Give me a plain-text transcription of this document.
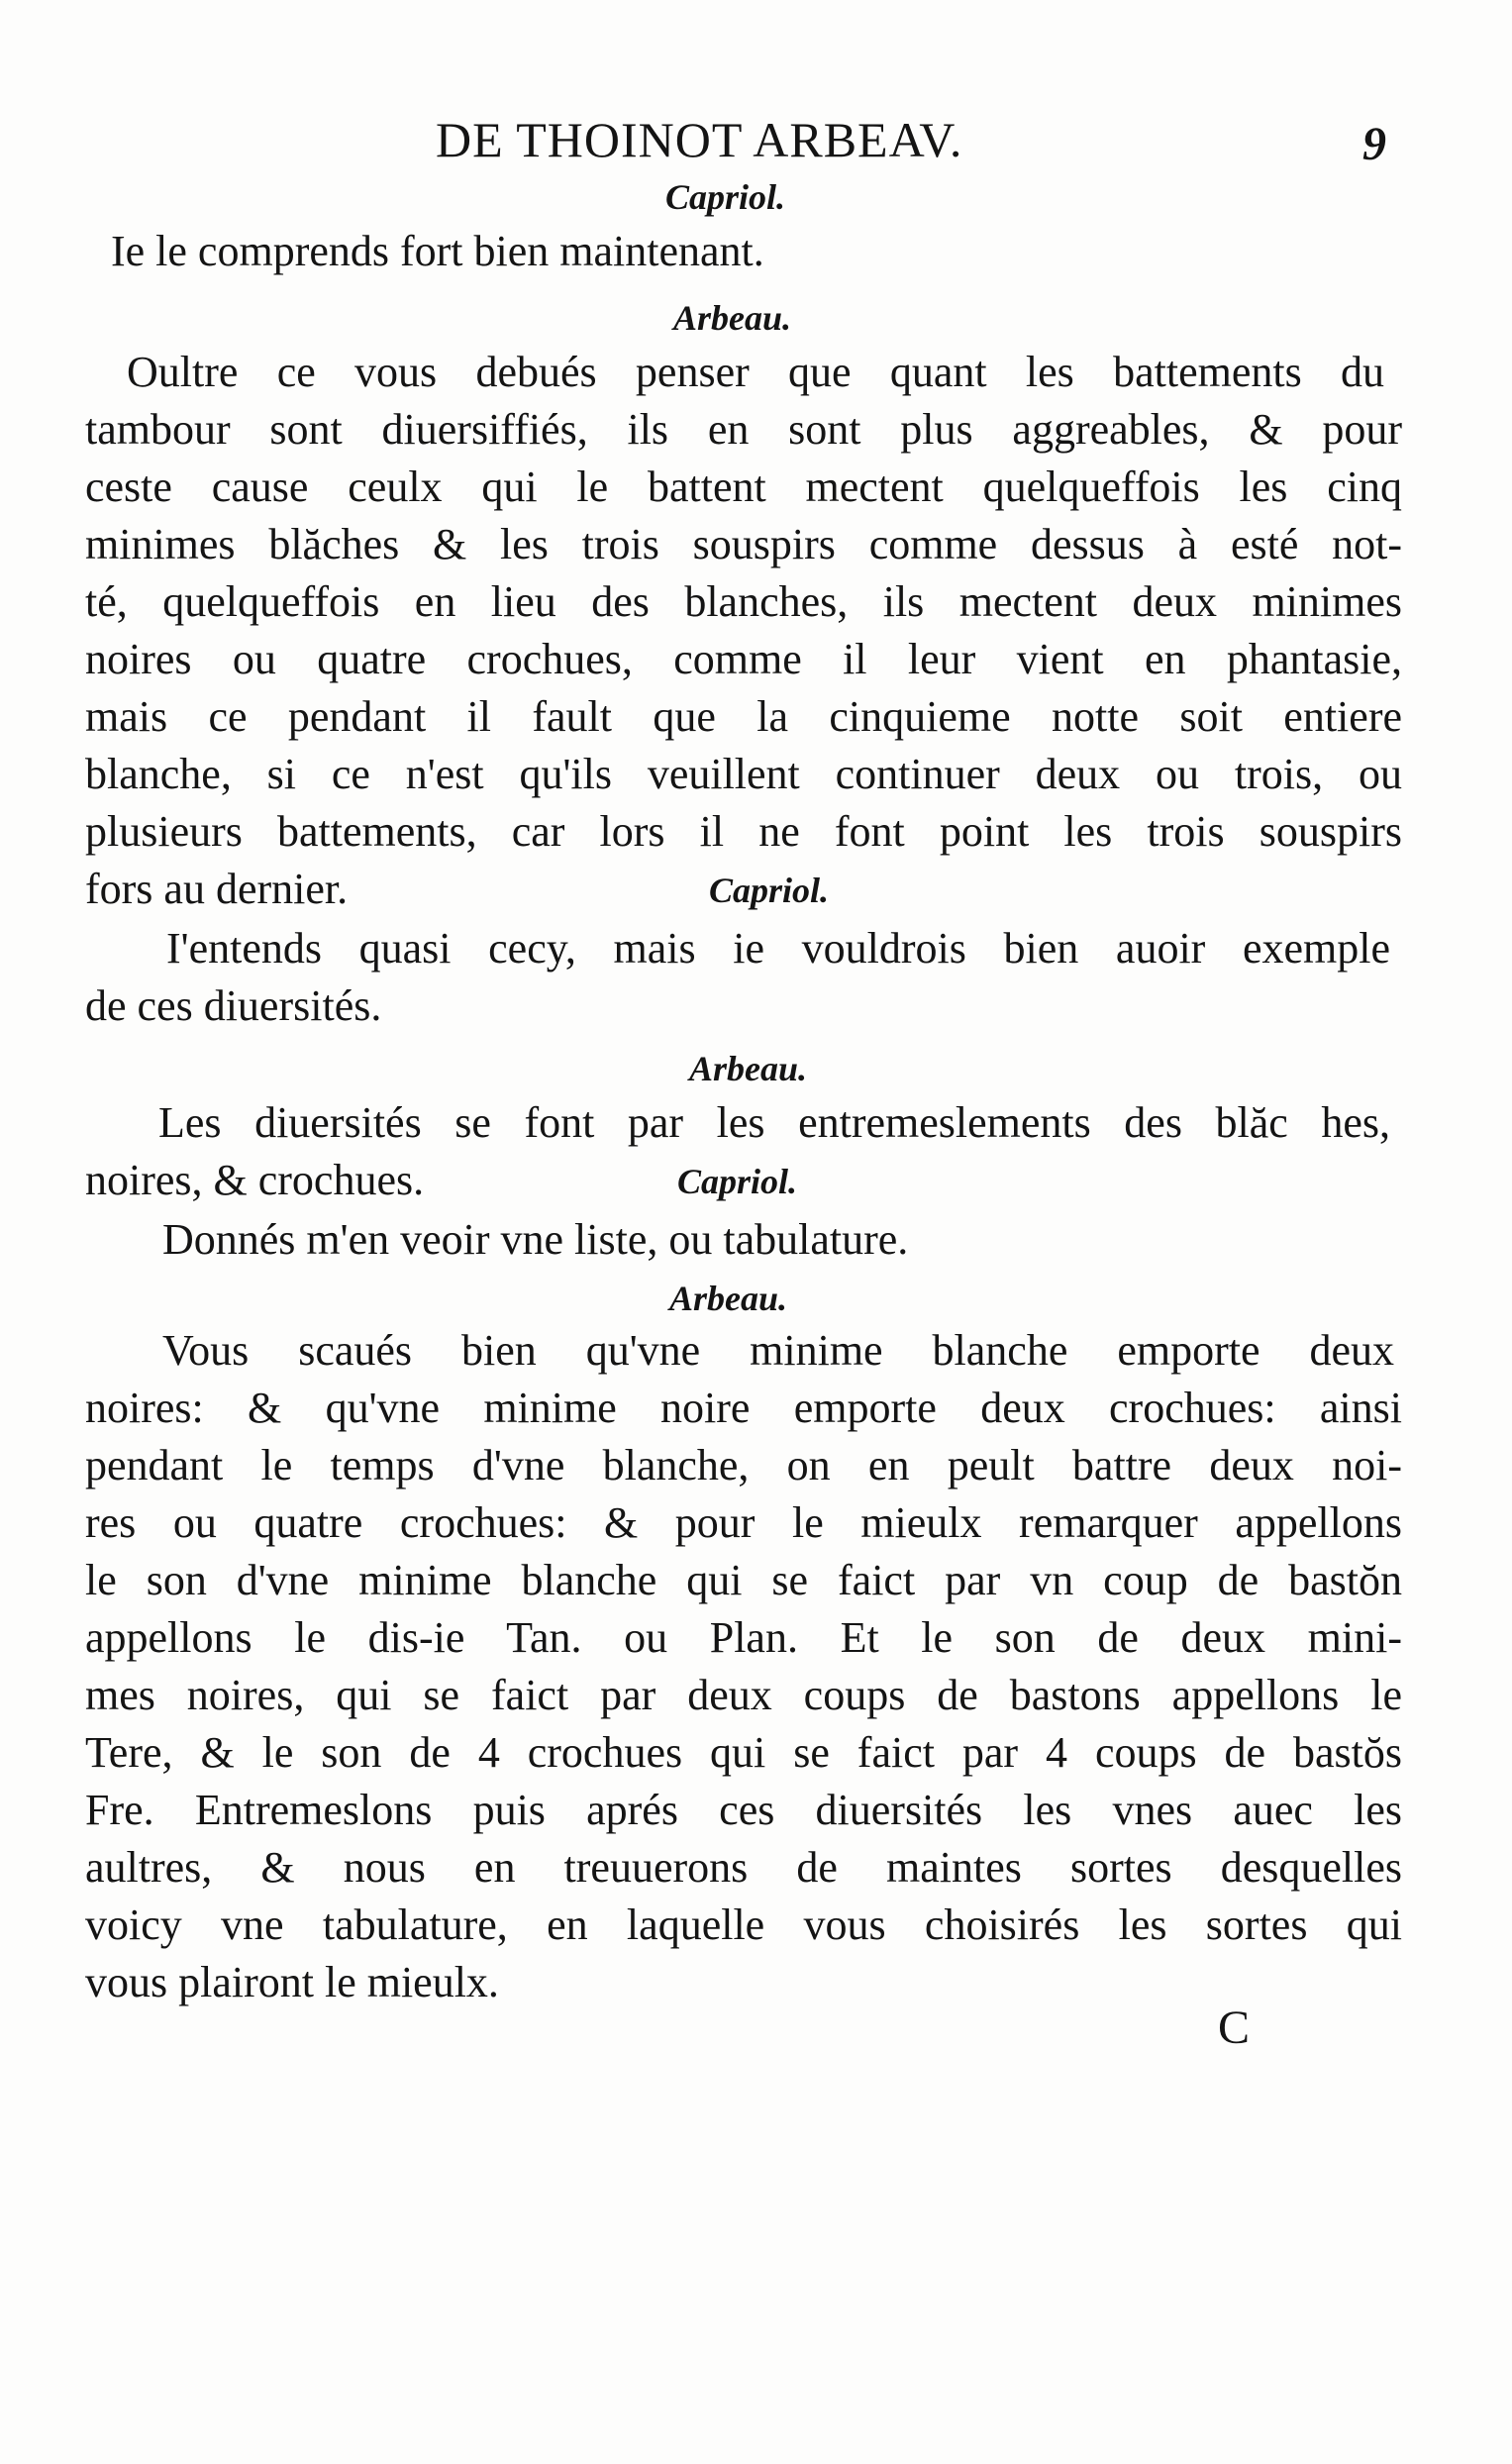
DE THOINOT ARBEAV.	9
Capriol.
Ie le comprends fort bien maintenant.
Arbeau.
Oultre ce vous debués penser que quant les battements du
tambour sont diuersiffiés, ils en sont plus aggreables, & pour
ceste cause ceulx qui le battent mectent quelqueffois les cinq
minimes blăches & les trois souspirs comme dessus à esté not-
té, quelqueffois en lieu des blanches, ils mectent deux minimes
noires ou quatre crochues, comme il leur vient en phantasie,
mais ce pendant il fault que la cinquieme notte soit entiere
blanche, si ce n'est qu'ils veuillent continuer deux ou trois, ou
plusieurs battements, car lors il ne font point les trois souspirs
fors au dernier.	Capriol.
I'entends quasi cecy, mais ie vouldrois bien auoir exemple
de ces diuersités.
Arbeau.
Les diuersités se font par les entremeslements des blăc hes,
noires, & crochues.	Capriol.
Donnés m'en veoir vne liste, ou tabulature.
Arbeau.
Vous scaués bien qu'vne minime blanche emporte deux
noires: & qu'vne minime noire emporte deux crochues: ainsi
pendant le temps d'vne blanche, on en peult battre deux noi-
res ou quatre crochues: & pour le mieulx remarquer appellons
le son d'vne minime blanche qui se faict par vn coup de bastŏn
appellons le dis-ie Tan. ou Plan. Et le son de deux mini-
mes noires, qui se faict par deux coups de bastons appellons le
Tere, & le son de 4 crochues qui se faict par 4 coups de bastŏs
Fre. Entremeslons puis aprés ces diuersités les vnes auec les
aultres, & nous en treuuerons de maintes sortes desquelles
voicy vne tabulature, en laquelle vous choisirés les sortes qui
vous plairont le mieulx.
C
